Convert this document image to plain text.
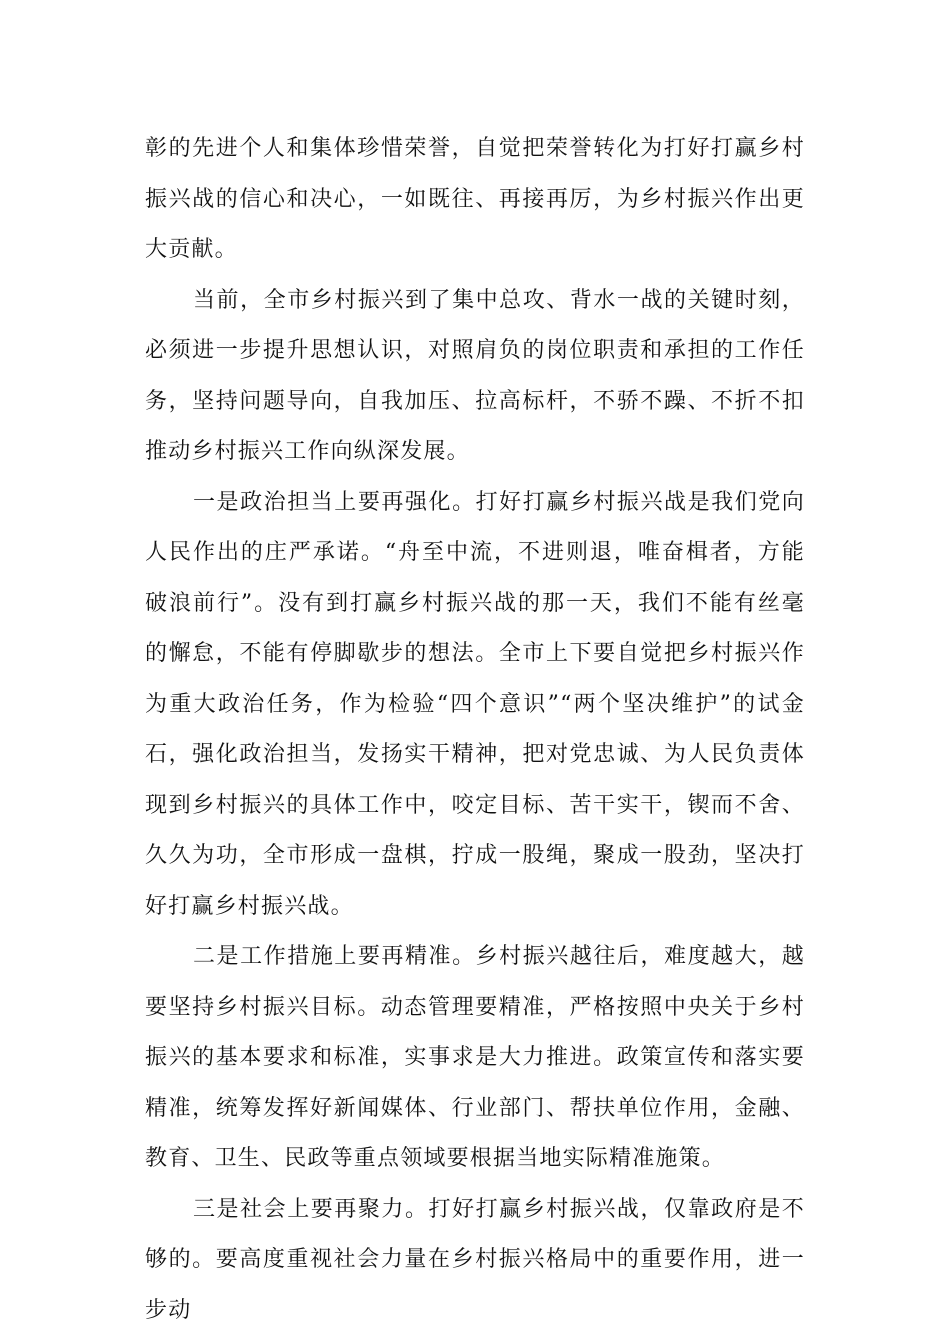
彰的先进个人和集体珍惜荣誉，自觉把荣誉转化为打好打赢乡村振兴战的信心和决心，一如既往、再接再厉，为乡村振兴作出更大贡献。

当前，全市乡村振兴到了集中总攻、背水一战的关键时刻，必须进一步提升思想认识，对照肩负的岗位职责和承担的工作任务，坚持问题导向，自我加压、拉高标杆，不骄不躁、不折不扣推动乡村振兴工作向纵深发展。

一是政治担当上要再强化。打好打赢乡村振兴战是我们党向人民作出的庄严承诺。“舟至中流，不进则退，唯奋楫者，方能破浪前行”。没有到打赢乡村振兴战的那一天，我们不能有丝毫的懈怠，不能有停脚歇步的想法。全市上下要自觉把乡村振兴作为重大政治任务，作为检验“四个意识”“两个坚决维护”的试金石，强化政治担当，发扬实干精神，把对党忠诚、为人民负责体现到乡村振兴的具体工作中，咬定目标、苦干实干，锲而不舍、久久为功，全市形成一盘棋，拧成一股绳，聚成一股劲，坚决打好打赢乡村振兴战。

二是工作措施上要再精准。乡村振兴越往后，难度越大，越要坚持乡村振兴目标。动态管理要精准，严格按照中央关于乡村振兴的基本要求和标准，实事求是大力推进。政策宣传和落实要精准，统筹发挥好新闻媒体、行业部门、帮扶单位作用，金融、教育、卫生、民政等重点领域要根据当地实际精准施策。

三是社会上要再聚力。打好打赢乡村振兴战，仅靠政府是不够的。要高度重视社会力量在乡村振兴格局中的重要作用，进一步动
